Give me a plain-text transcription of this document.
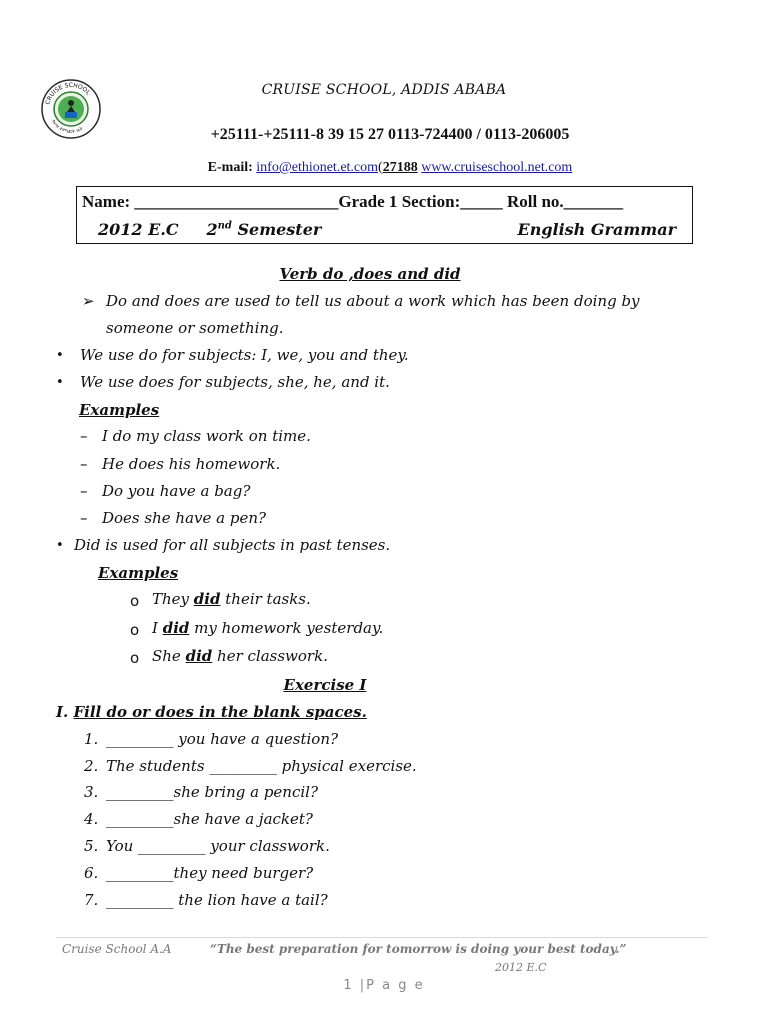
CRUISE SCHOOL
ክሩዝ ትምህርት ቤት
CRUISE SCHOOL, ADDIS ABABA
+25111-+25111-8 39 15 27 0113-724400 / 0113-206005
E-mail: info@ethionet.et.com(27188 www.cruiseschool.net.com
Name: ________________________Grade 1 Section:_____ Roll no._______
2012 E.C 2nd Semester	English Grammar
Verb do ,does and did
➢ Do and does are used to tell us about a work which has been doing by
someone or something.
• We use do for subjects: I, we, you and they.
• We use does for subjects, she, he, and it.
Examples
– I do my class work on time.
– He does his homework.
– Do you have a bag?
– Does she have a pen?
• Did is used for all subjects in past tenses.
Examples
o They did their tasks.
o I did my homework yesterday.
o She did her classwork.
Exercise I
I. Fill do or does in the blank spaces.
1. _________ you have a question?
2. The students _________ physical exercise.
3. _________she bring a pencil?
4. _________she have a jacket?
5. You _________ your classwork.
6. _________they need burger?
7. _________ the lion have a tail?
Cruise School A.A	“The best preparation for tomorrow is doing your best today.”
2012 E.C
1 |P a g e
